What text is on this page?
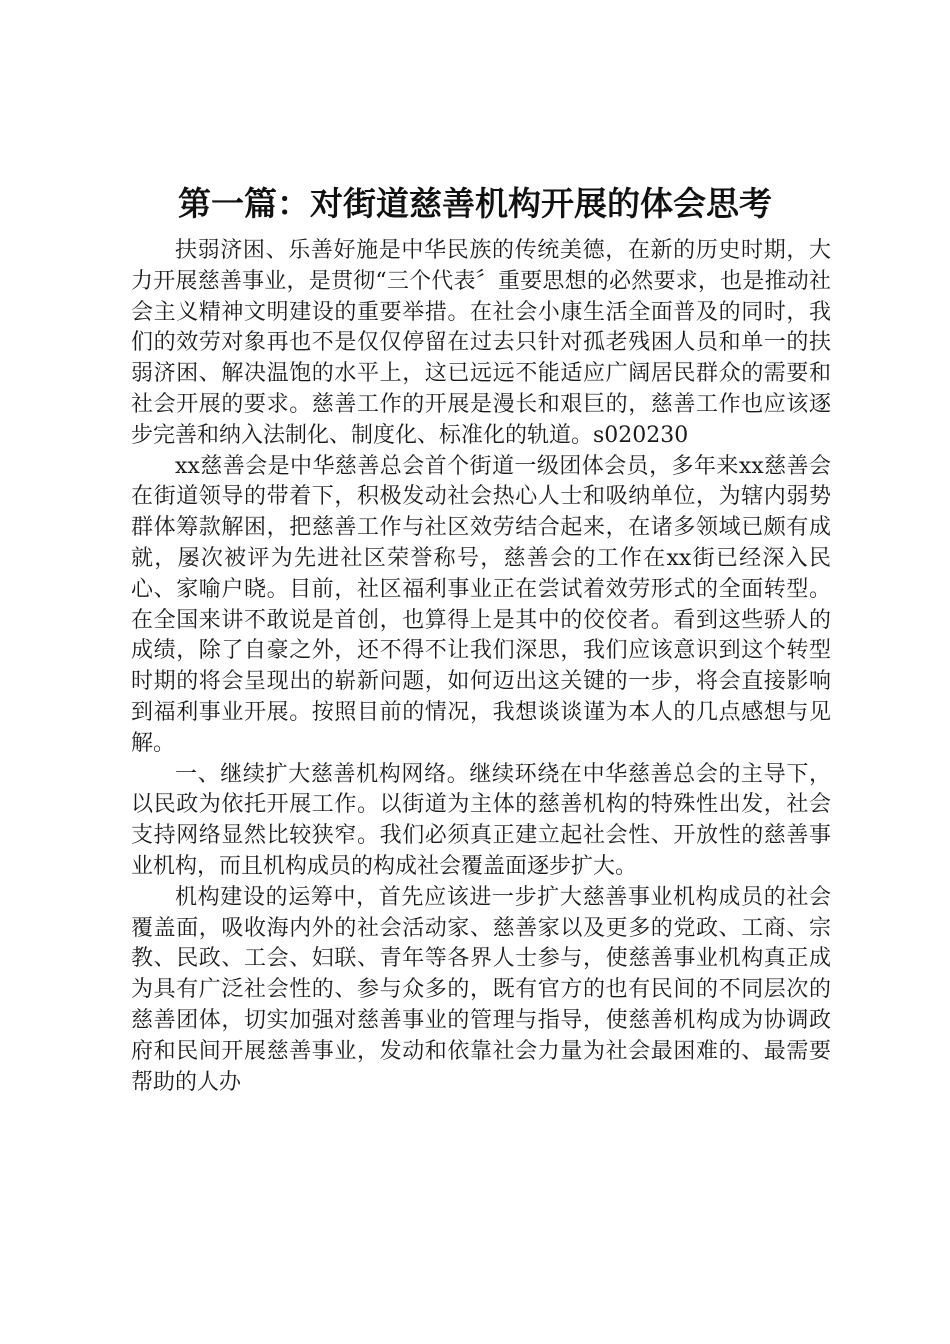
第一篇：对街道慈善机构开展的体会思考

扶弱济困、乐善好施是中华民族的传统美德，在新的历史时期，大力开展慈善事业，是贯彻“三个代表〞重要思想的必然要求，也是推动社会主义精神文明建设的重要举措。在社会小康生活全面普及的同时，我们的效劳对象再也不是仅仅停留在过去只针对孤老残困人员和单一的扶弱济困、解决温饱的水平上，这已远远不能适应广阔居民群众的需要和社会开展的要求。慈善工作的开展是漫长和艰巨的，慈善工作也应该逐步完善和纳入法制化、制度化、标准化的轨道。s020230

xx慈善会是中华慈善总会首个街道一级团体会员，多年来xx慈善会在街道领导的带着下，积极发动社会热心人士和吸纳单位，为辖内弱势群体筹款解困，把慈善工作与社区效劳结合起来，在诸多领域已颇有成就，屡次被评为先进社区荣誉称号，慈善会的工作在xx街已经深入民心、家喻户晓。目前，社区福利事业正在尝试着效劳形式的全面转型。在全国来讲不敢说是首创，也算得上是其中的佼佼者。看到这些骄人的成绩，除了自豪之外，还不得不让我们深思，我们应该意识到这个转型时期的将会呈现出的崭新问题，如何迈出这关键的一步，将会直接影响到福利事业开展。按照目前的情况，我想谈谈谨为本人的几点感想与见解。

一、继续扩大慈善机构网络。继续环绕在中华慈善总会的主导下，以民政为依托开展工作。以街道为主体的慈善机构的特殊性出发，社会支持网络显然比较狭窄。我们必须真正建立起社会性、开放性的慈善事业机构，而且机构成员的构成社会覆盖面逐步扩大。

机构建设的运筹中，首先应该进一步扩大慈善事业机构成员的社会覆盖面，吸收海内外的社会活动家、慈善家以及更多的党政、工商、宗教、民政、工会、妇联、青年等各界人士参与，使慈善事业机构真正成为具有广泛社会性的、参与众多的，既有官方的也有民间的不同层次的慈善团体，切实加强对慈善事业的管理与指导，使慈善机构成为协调政府和民间开展慈善事业，发动和依靠社会力量为社会最困难的、最需要帮助的人办
